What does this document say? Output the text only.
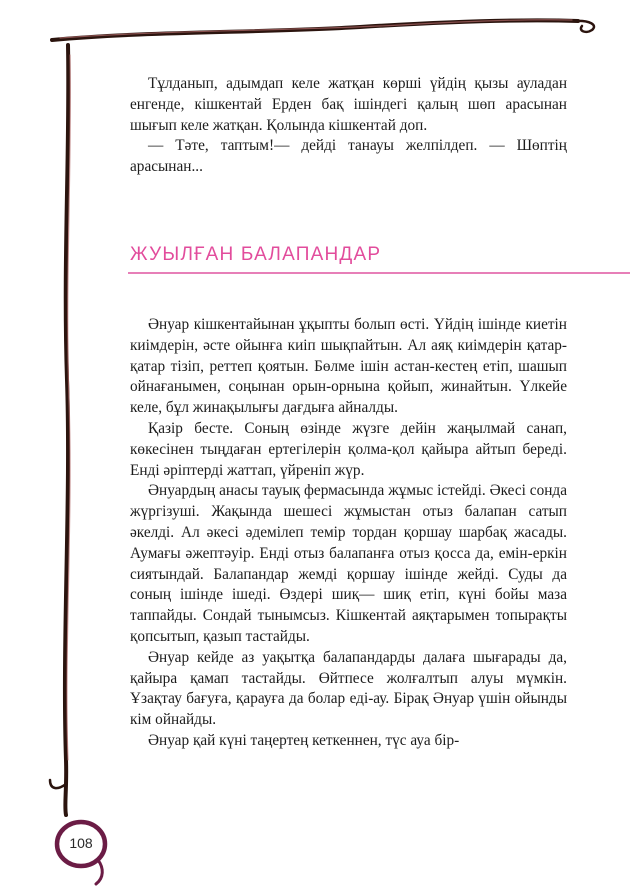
Тұлданып, адымдап келе жатқан көрші үйдің қызы ауладан енгенде, кішкентай Ерден бақ ішіндегі қалың шөп арасынан шығып келе жатқан. Қолында кішкентай доп.

— Тәте, таптым!— дейді танауы желпілдеп. — Шөптің арасынан...

ЖУЫЛҒАН БАЛАПАНДАР

Әнуар кішкентайынан ұқыпты болып өсті. Үйдің ішінде киетін киімдерін, әсте ойынға киіп шықпайтын. Ал аяқ киімдерін қатар-қатар тізіп, реттеп қоятын. Бөлме ішін астан-кестең етіп, шашып ойнағанымен, соңынан орын-орнына қойып, жинайтын. Үлкейе келе, бұл жинақылығы дағдыға айналды.

Қазір бесте. Соның өзінде жүзге дейін жаңылмай санап, көкесінен тыңдаған ертегілерін қолма-қол қайыра айтып береді. Енді әріптерді жаттап, үйреніп жүр.

Әнуардың анасы тауық фермасында жұмыс істейді. Әкесі сонда жүргізуші. Жақында шешесі жұмыстан отыз балапан сатып әкелді. Ал әкесі әдемілеп темір тордан қоршау шарбақ жасады. Аумағы әжептәуір. Енді отыз балапанға отыз қосса да, емін-еркін сиятындай. Балапандар жемді қоршау ішінде жейді. Суды да соның ішінде ішеді. Өздері шиқ— шиқ етіп, күні бойы маза таппайды. Сондай тынымсыз. Кішкентай аяқтарымен топырақты қопсытып, қазып тастайды.

Әнуар кейде аз уақытқа балапандарды далаға шығарады да, қайыра қамап тастайды. Өйтпесе жолғалтып алуы мүмкін. Ұзақтау бағуға, қарауға да болар еді-ау. Бірақ Әнуар үшін ойынды кім ойнайды.

Әнуар қай күні таңертең кеткеннен, түс ауа бір-

108
